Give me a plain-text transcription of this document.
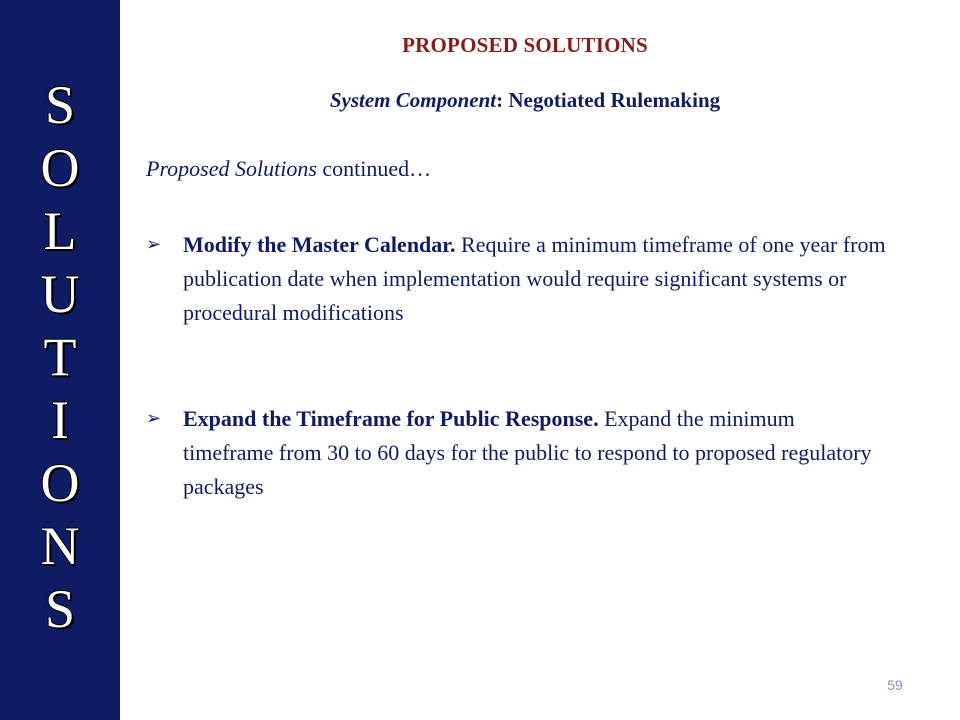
S
O
L
U
T
I
O
N
S
PROPOSED SOLUTIONS
System Component: Negotiated Rulemaking
Proposed Solutions continued…
➢ Modify the Master Calendar. Require a minimum timeframe of one year from publication date when implementation would require significant systems or procedural modifications
➢ Expand the Timeframe for Public Response. Expand the minimum timeframe from 30 to 60 days for the public to respond to proposed regulatory packages
59
